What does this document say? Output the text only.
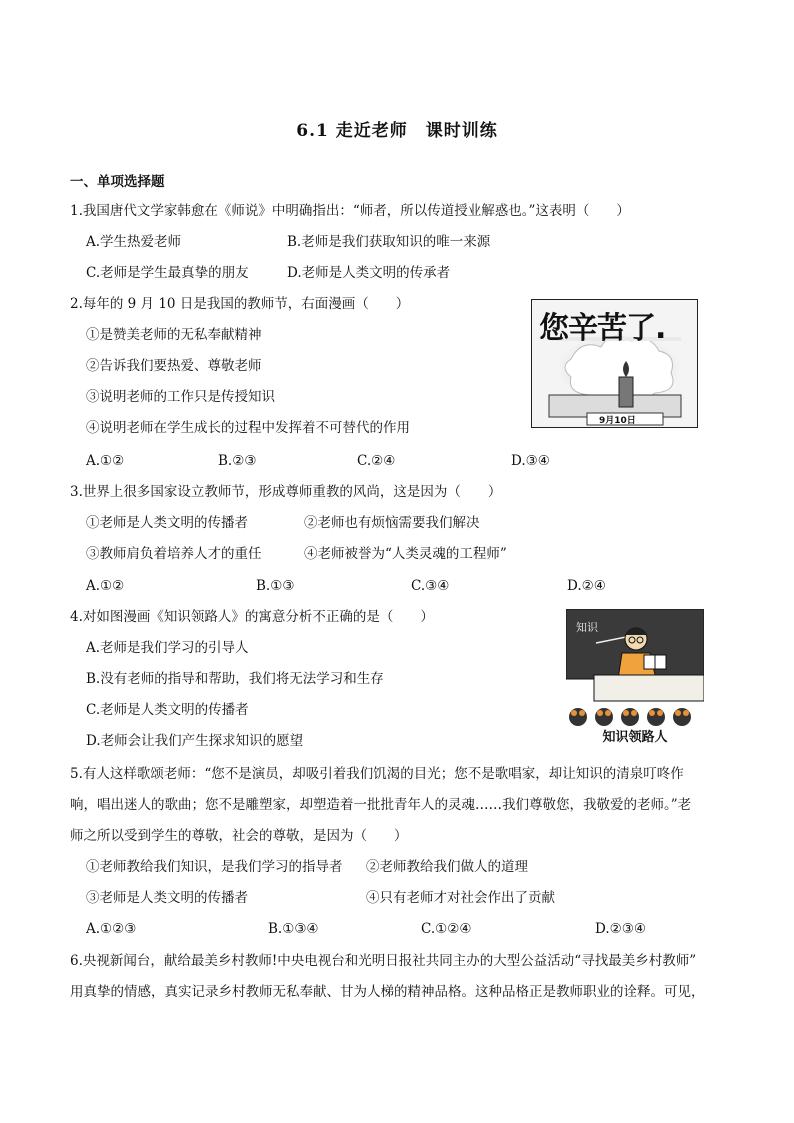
6.1 走近老师　课时训练
一、单项选择题
1.我国唐代文学家韩愈在《师说》中明确指出：“师者，所以传道授业解惑也。”这表明（　　）
A.学生热爱老师	B.老师是我们获取知识的唯一来源
C.老师是学生最真挚的朋友	D.老师是人类文明的传承者
2.每年的 9 月 10 日是我国的教师节，右面漫画（　　）
①是赞美老师的无私奉献精神
②告诉我们要热爱、尊敬老师
③说明老师的工作只是传授知识
④说明老师在学生成长的过程中发挥着不可替代的作用
A.①②	B.②③	C.②④	D.③④
您辛苦了.
9月10日
3.世界上很多国家设立教师节，形成尊师重教的风尚，这是因为（　　）
①老师是人类文明的传播者	②老师也有烦恼需要我们解决
③教师肩负着培养人才的重任	④老师被誉为“人类灵魂的工程师”
A.①②	B.①③	C.③④	D.②④
4.对如图漫画《知识领路人》的寓意分析不正确的是（　　）
A.老师是我们学习的引导人
B.没有老师的指导和帮助，我们将无法学习和生存
C.老师是人类文明的传播者
D.老师会让我们产生探求知识的愿望
知识
知识领路人
5.有人这样歌颂老师：“您不是演员，却吸引着我们饥渴的目光；您不是歌唱家，却让知识的清泉叮咚作
响，唱出迷人的歌曲；您不是雕塑家，却塑造着一批批青年人的灵魂……我们尊敬您，我敬爱的老师。”老
师之所以受到学生的尊敬，社会的尊敬，是因为（　　）
①老师教给我们知识，是我们学习的指导者 ②老师教给我们做人的道理
③老师是人类文明的传播者	④只有老师才对社会作出了贡献
A.①②③	B.①③④	C.①②④	D.②③④
6.央视新闻台，献给最美乡村教师!中央电视台和光明日报社共同主办的大型公益活动“寻找最美乡村教师”
用真挚的情感，真实记录乡村教师无私奉献、甘为人梯的精神品格。这种品格正是教师职业的诠释。可见，
